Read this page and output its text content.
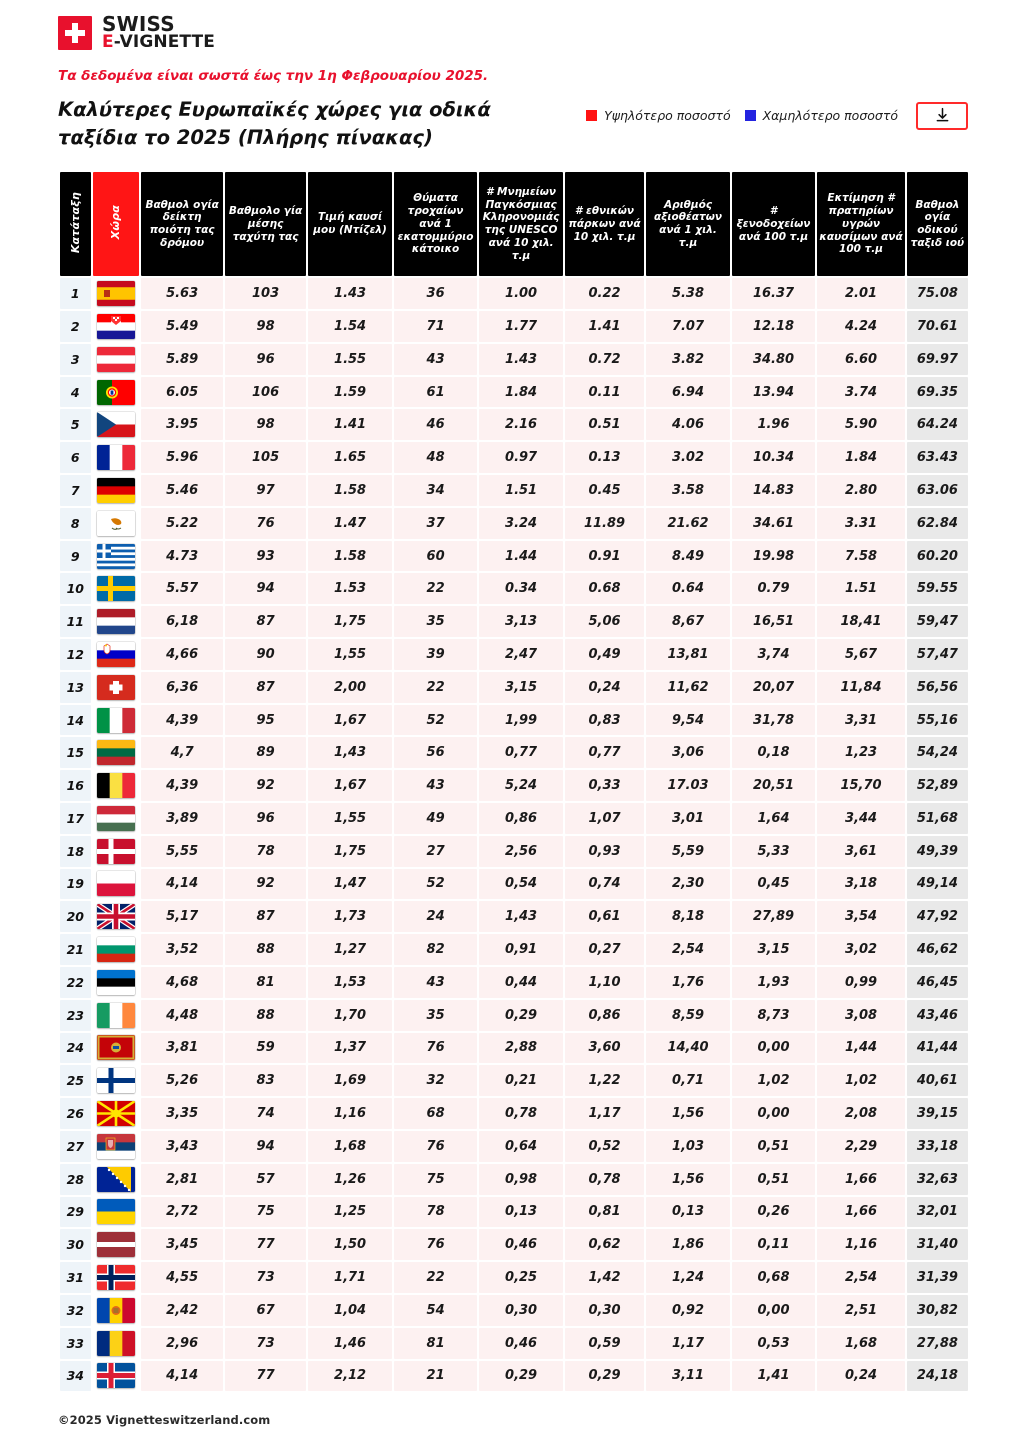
SWISS
E-VIGNETTE

Τα δεδομένα είναι σωστά έως την 1η Φεβρουαρίου 2025.

Καλύτερες Ευρωπαϊκές χώρες για οδικά ταξίδια το 2025 (Πλήρης πίνακας)
Υψηλότερο ποσοστό	Χαμηλότερο ποσοστό
Κατάταξη	Χώρα	Βαθμολ ογία δείκτη ποιότη τας δρόμου	Βαθμολο γία μέσης ταχύτη τας	Τιμή καυσί μου (Ντίζελ)	Θύματα τροχαίων ανά 1 εκατομμύριο κάτοικο	# Μνημείων Παγκόσμιας Κληρονομιάς της UNESCO ανά 10 χιλ. τ.μ	# εθνικών πάρκων ανά 10 χιλ. τ.μ	Αριθμός αξιοθέατων ανά 1 χιλ. τ.μ	# ξενοδοχείων ανά 100 τ.μ	Εκτίμηση # πρατηρίων υγρών καυσίμων ανά 100 τ.μ	Βαθμολ ογία οδικού ταξιδ ιού
1		5.63	103	1.43	36	1.00	0.22	5.38	16.37	2.01	75.08
2		5.49	98	1.54	71	1.77	1.41	7.07	12.18	4.24	70.61
3		5.89	96	1.55	43	1.43	0.72	3.82	34.80	6.60	69.97
4		6.05	106	1.59	61	1.84	0.11	6.94	13.94	3.74	69.35
5		3.95	98	1.41	46	2.16	0.51	4.06	1.96	5.90	64.24
6		5.96	105	1.65	48	0.97	0.13	3.02	10.34	1.84	63.43
7		5.46	97	1.58	34	1.51	0.45	3.58	14.83	2.80	63.06
8		5.22	76	1.47	37	3.24	11.89	21.62	34.61	3.31	62.84
9		4.73	93	1.58	60	1.44	0.91	8.49	19.98	7.58	60.20
10		5.57	94	1.53	22	0.34	0.68	0.64	0.79	1.51	59.55
11		6,18	87	1,75	35	3,13	5,06	8,67	16,51	18,41	59,47
12		4,66	90	1,55	39	2,47	0,49	13,81	3,74	5,67	57,47
13		6,36	87	2,00	22	3,15	0,24	11,62	20,07	11,84	56,56
14		4,39	95	1,67	52	1,99	0,83	9,54	31,78	3,31	55,16
15		4,7	89	1,43	56	0,77	0,77	3,06	0,18	1,23	54,24
16		4,39	92	1,67	43	5,24	0,33	17.03	20,51	15,70	52,89
17		3,89	96	1,55	49	0,86	1,07	3,01	1,64	3,44	51,68
18		5,55	78	1,75	27	2,56	0,93	5,59	5,33	3,61	49,39
19		4,14	92	1,47	52	0,54	0,74	2,30	0,45	3,18	49,14
20		5,17	87	1,73	24	1,43	0,61	8,18	27,89	3,54	47,92
21		3,52	88	1,27	82	0,91	0,27	2,54	3,15	3,02	46,62
22		4,68	81	1,53	43	0,44	1,10	1,76	1,93	0,99	46,45
23		4,48	88	1,70	35	0,29	0,86	8,59	8,73	3,08	43,46
24		3,81	59	1,37	76	2,88	3,60	14,40	0,00	1,44	41,44
25		5,26	83	1,69	32	0,21	1,22	0,71	1,02	1,02	40,61
26		3,35	74	1,16	68	0,78	1,17	1,56	0,00	2,08	39,15
27		3,43	94	1,68	76	0,64	0,52	1,03	0,51	2,29	33,18
28		2,81	57	1,26	75	0,98	0,78	1,56	0,51	1,66	32,63
29		2,72	75	1,25	78	0,13	0,81	0,13	0,26	1,66	32,01
30		3,45	77	1,50	76	0,46	0,62	1,86	0,11	1,16	31,40
31		4,55	73	1,71	22	0,25	1,42	1,24	0,68	2,54	31,39
32		2,42	67	1,04	54	0,30	0,30	0,92	0,00	2,51	30,82
33		2,96	73	1,46	81	0,46	0,59	1,17	0,53	1,68	27,88
34		4,14	77	2,12	21	0,29	0,29	3,11	1,41	0,24	24,18
©2025 Vignetteswitzerland.com
